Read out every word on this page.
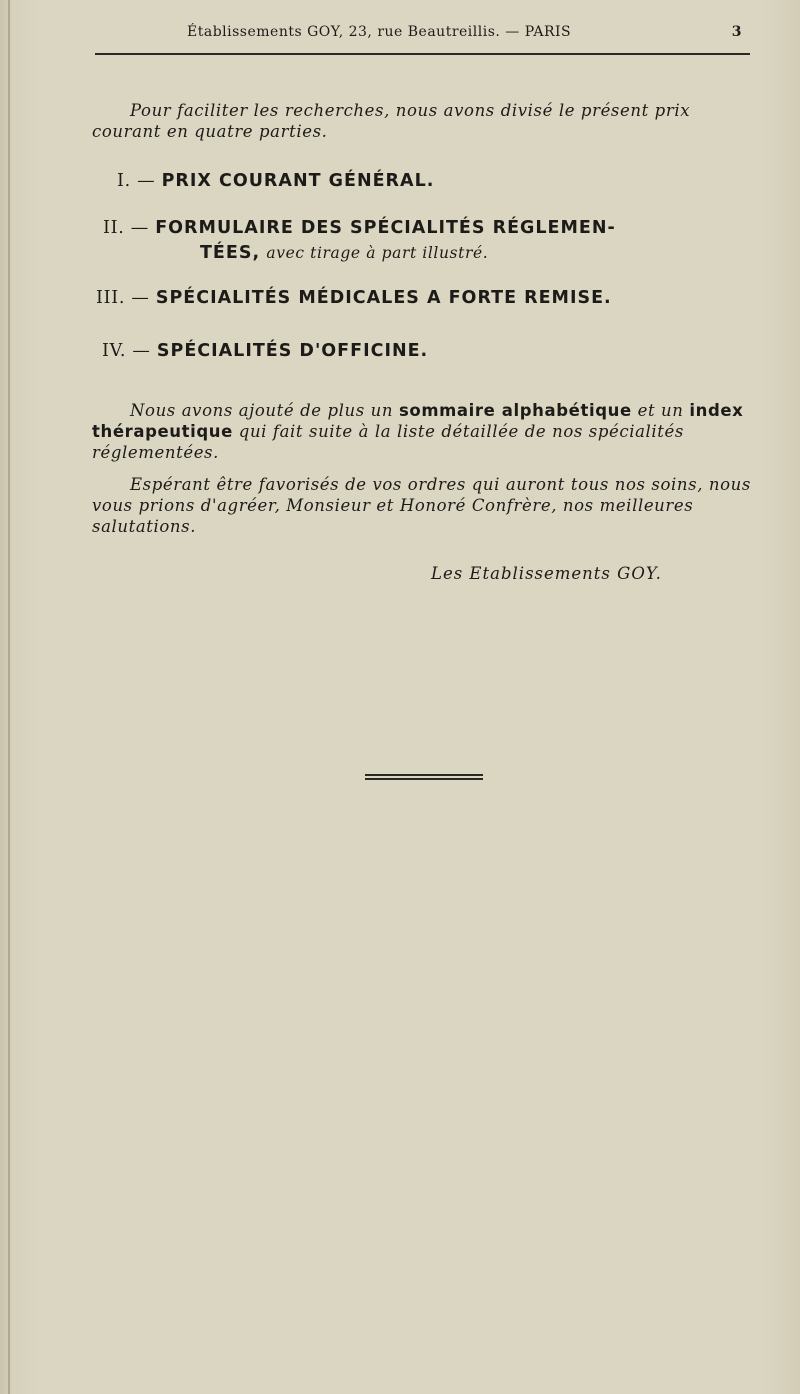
Établissements GOY, 23, rue Beautreillis. — PARIS	3
Pour faciliter les recherches, nous avons divisé le présent prix courant en quatre parties.
I. — PRIX COURANT GÉNÉRAL.
II. — FORMULAIRE DES SPÉCIALITÉS RÉGLEMEN-
TÉES, avec tirage à part illustré.
III. — SPÉCIALITÉS MÉDICALES A FORTE REMISE.
IV. — SPÉCIALITÉS D'OFFICINE.
Nous avons ajouté de plus un sommaire alphabétique et un index thérapeutique qui fait suite à la liste détaillée de nos spécialités réglementées.
Espérant être favorisés de vos ordres qui auront tous nos soins, nous vous prions d'agréer, Monsieur et Honoré Confrère, nos meilleures salutations.
Les Etablissements GOY.
